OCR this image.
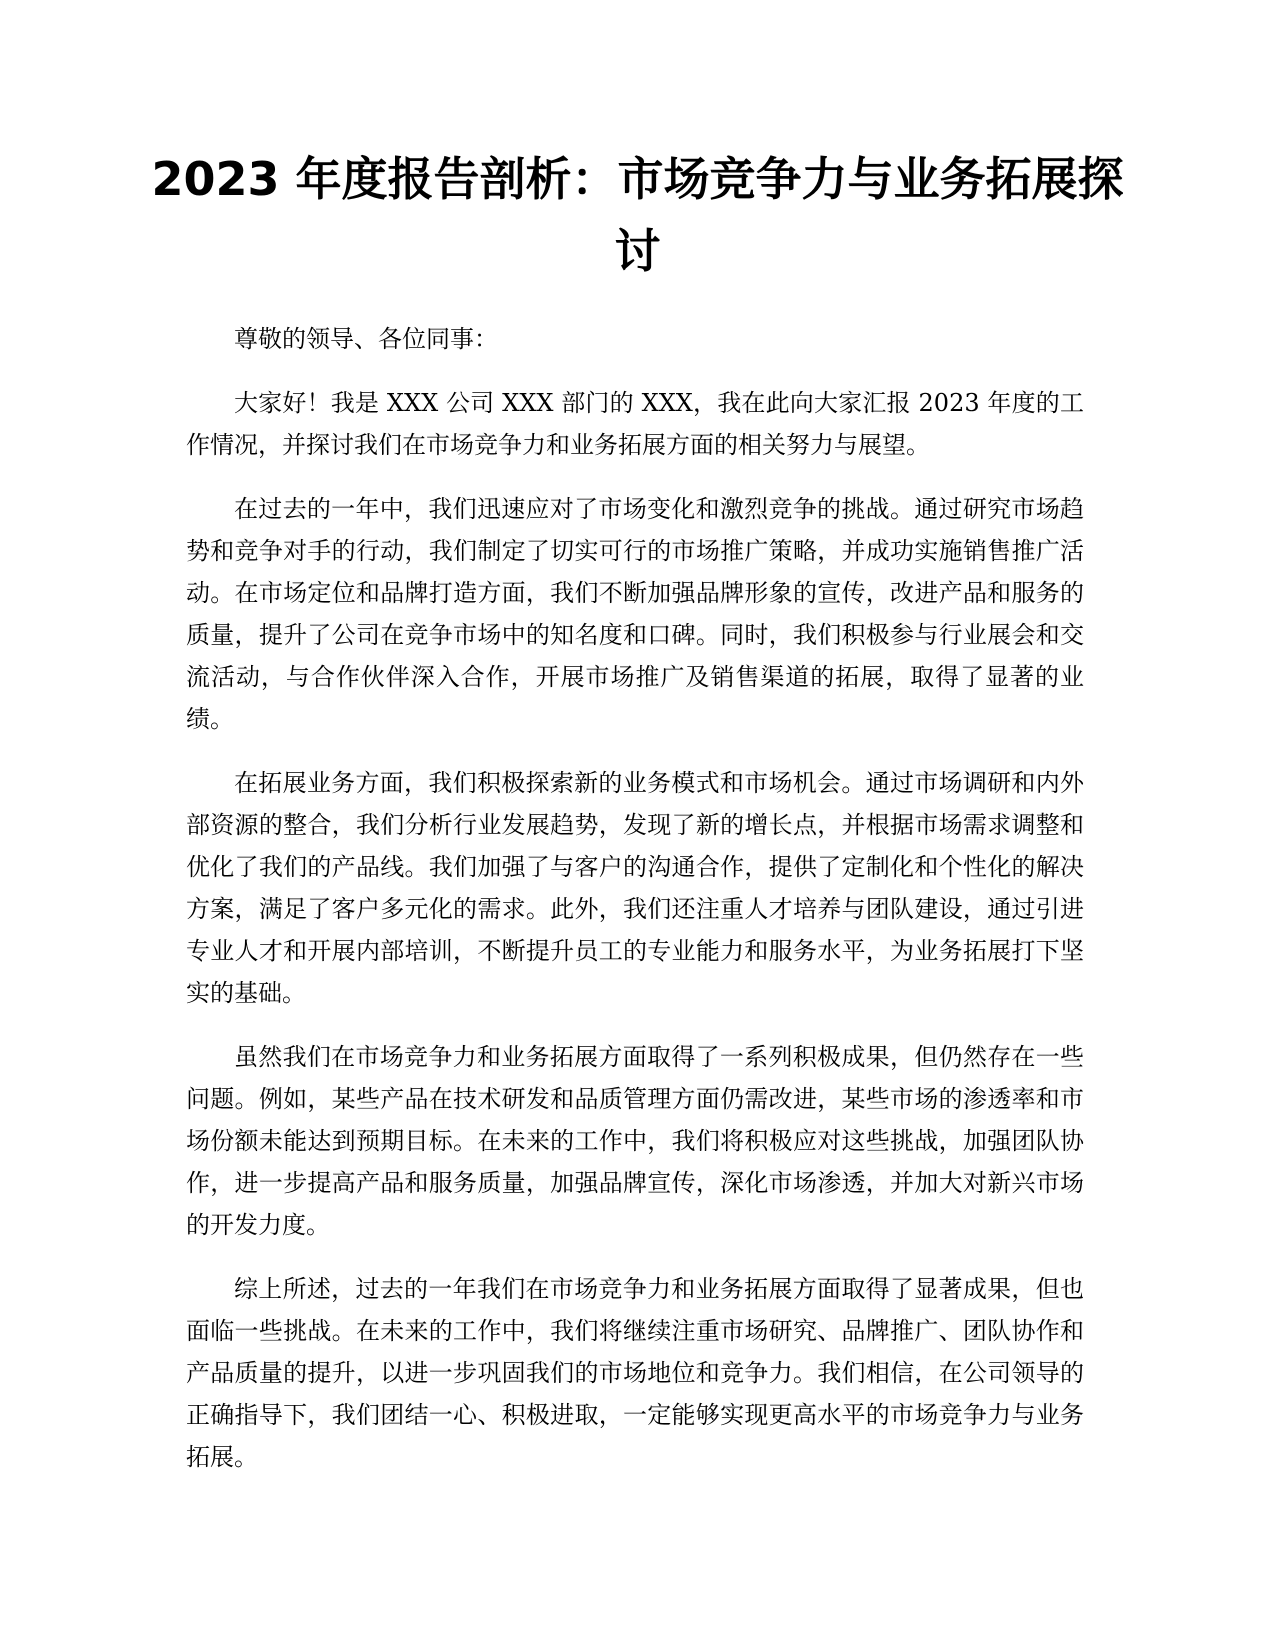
2023 年度报告剖析：市场竞争力与业务拓展探讨

尊敬的领导、各位同事：

大家好！我是 XXX 公司 XXX 部门的 XXX，我在此向大家汇报 2023 年度的工作情况，并探讨我们在市场竞争力和业务拓展方面的相关努力与展望。

在过去的一年中，我们迅速应对了市场变化和激烈竞争的挑战。通过研究市场趋势和竞争对手的行动，我们制定了切实可行的市场推广策略，并成功实施销售推广活动。在市场定位和品牌打造方面，我们不断加强品牌形象的宣传，改进产品和服务的质量，提升了公司在竞争市场中的知名度和口碑。同时，我们积极参与行业展会和交流活动，与合作伙伴深入合作，开展市场推广及销售渠道的拓展，取得了显著的业绩。

在拓展业务方面，我们积极探索新的业务模式和市场机会。通过市场调研和内外部资源的整合，我们分析行业发展趋势，发现了新的增长点，并根据市场需求调整和优化了我们的产品线。我们加强了与客户的沟通合作，提供了定制化和个性化的解决方案，满足了客户多元化的需求。此外，我们还注重人才培养与团队建设，通过引进专业人才和开展内部培训，不断提升员工的专业能力和服务水平，为业务拓展打下坚实的基础。

虽然我们在市场竞争力和业务拓展方面取得了一系列积极成果，但仍然存在一些问题。例如，某些产品在技术研发和品质管理方面仍需改进，某些市场的渗透率和市场份额未能达到预期目标。在未来的工作中，我们将积极应对这些挑战，加强团队协作，进一步提高产品和服务质量，加强品牌宣传，深化市场渗透，并加大对新兴市场的开发力度。

综上所述，过去的一年我们在市场竞争力和业务拓展方面取得了显著成果，但也面临一些挑战。在未来的工作中，我们将继续注重市场研究、品牌推广、团队协作和产品质量的提升，以进一步巩固我们的市场地位和竞争力。我们相信，在公司领导的正确指导下，我们团结一心、积极进取，一定能够实现更高水平的市场竞争力与业务拓展。
